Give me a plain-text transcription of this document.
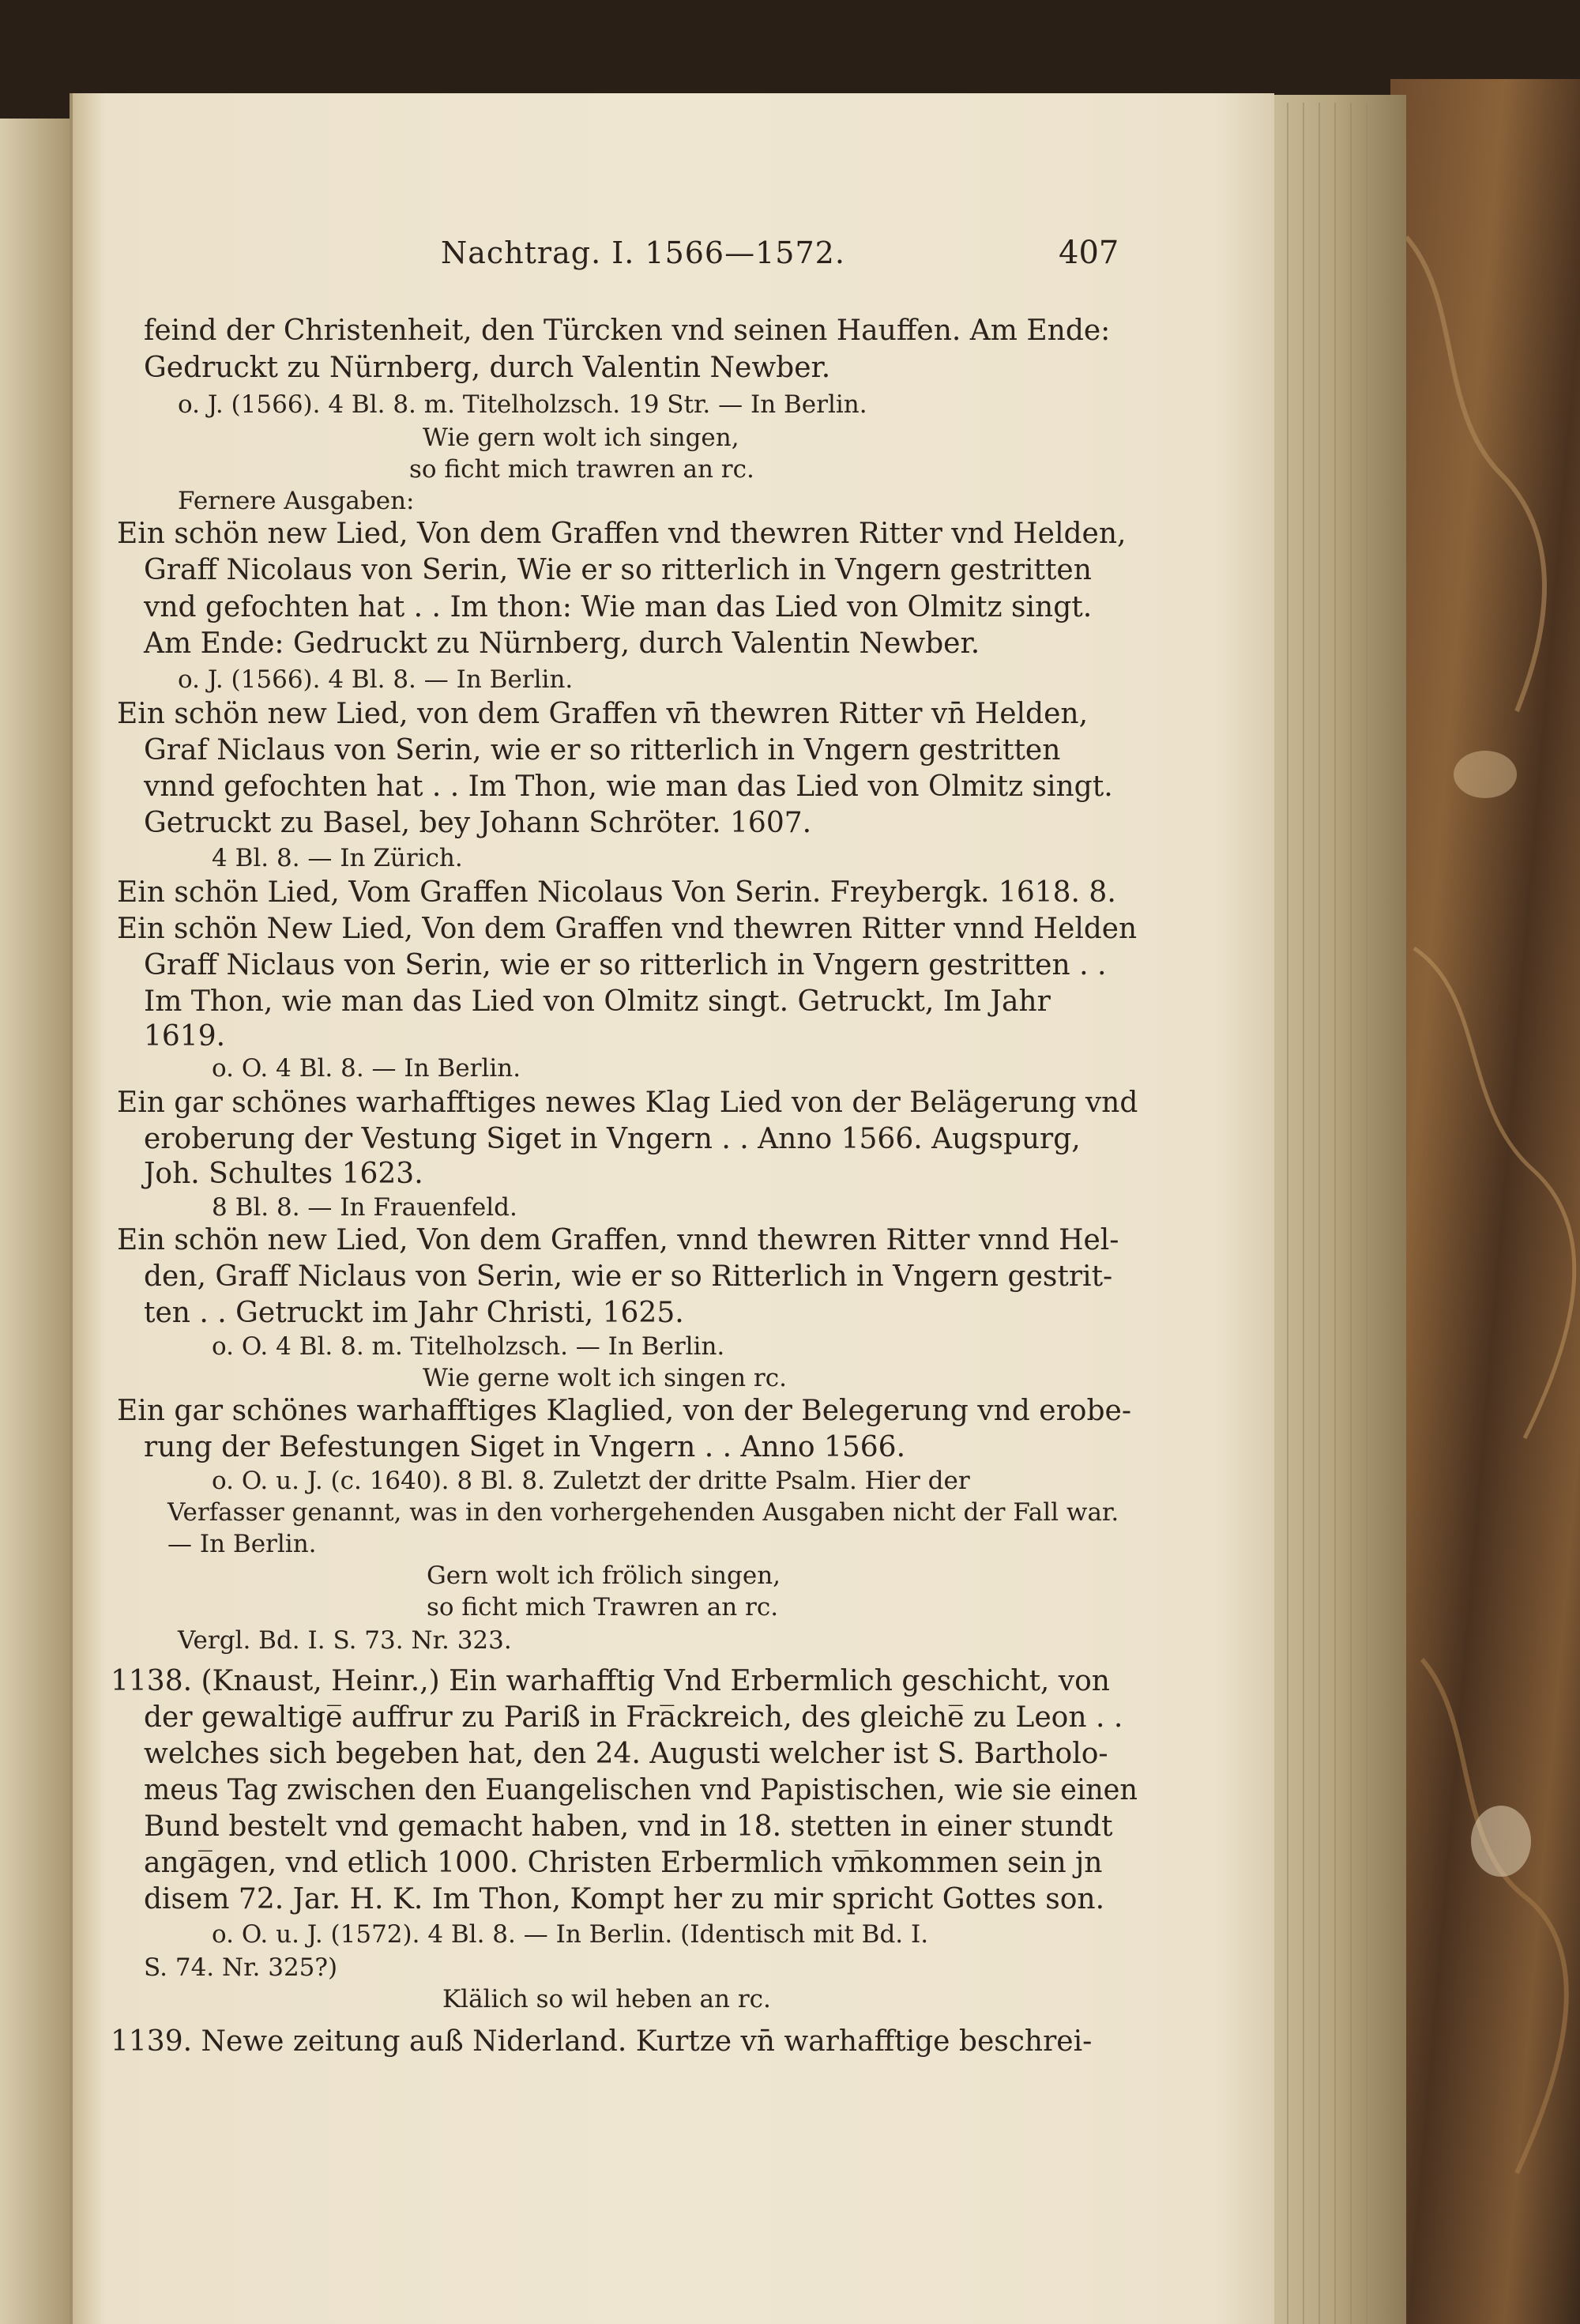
Nachtrag. I. 1566—1572.	407
feind der Christenheit, den Türcken vnd seinen Hauffen. Am Ende:
Gedruckt zu Nürnberg, durch Valentin Newber.
o. J. (1566). 4 Bl. 8. m. Titelholzsch. 19 Str. — In Berlin.
Wie gern wolt ich singen,
so ficht mich trawren an rc.
Fernere Ausgaben:
Ein schön new Lied, Von dem Graffen vnd thewren Ritter vnd Helden,
Graff Nicolaus von Serin, Wie er so ritterlich in Vngern gestritten
vnd gefochten hat . . Im thon: Wie man das Lied von Olmitz singt.
Am Ende: Gedruckt zu Nürnberg, durch Valentin Newber.
o. J. (1566). 4 Bl. 8. — In Berlin.
Ein schön new Lied, von dem Graffen vn̄ thewren Ritter vn̄ Helden,
Graf Niclaus von Serin, wie er so ritterlich in Vngern gestritten
vnnd gefochten hat . . Im Thon, wie man das Lied von Olmitz singt.
Getruckt zu Basel, bey Johann Schröter. 1607.
4 Bl. 8. — In Zürich.
Ein schön Lied, Vom Graffen Nicolaus Von Serin. Freybergk. 1618. 8.
Ein schön New Lied, Von dem Graffen vnd thewren Ritter vnnd Helden
Graff Niclaus von Serin, wie er so ritterlich in Vngern gestritten . .
Im Thon, wie man das Lied von Olmitz singt. Getruckt, Im Jahr
1619.
o. O. 4 Bl. 8. — In Berlin.
Ein gar schönes warhafftiges newes Klag Lied von der Belägerung vnd
eroberung der Vestung Siget in Vngern . . Anno 1566. Augspurg,
Joh. Schultes 1623.
8 Bl. 8. — In Frauenfeld.
Ein schön new Lied, Von dem Graffen, vnnd thewren Ritter vnnd Hel-
den, Graff Niclaus von Serin, wie er so Ritterlich in Vngern gestrit-
ten . . Getruckt im Jahr Christi, 1625.
o. O. 4 Bl. 8. m. Titelholzsch. — In Berlin.
Wie gerne wolt ich singen rc.
Ein gar schönes warhafftiges Klaglied, von der Belegerung vnd erobe-
rung der Befestungen Siget in Vngern . . Anno 1566.
o. O. u. J. (c. 1640). 8 Bl. 8. Zuletzt der dritte Psalm. Hier der
Verfasser genannt, was in den vorhergehenden Ausgaben nicht der Fall war.
— In Berlin.
Gern wolt ich frölich singen,
so ficht mich Trawren an rc.
Vergl. Bd. I. S. 73. Nr. 323.
1138. (Knaust, Heinr.,) Ein warhafftig Vnd Erbermlich geschicht, von
der gewaltige̅ auffrur zu Pariß in Fra̅ckreich, des gleiche̅ zu Leon . .
welches sich begeben hat, den 24. Augusti welcher ist S. Bartholo-
meus Tag zwischen den Euangelischen vnd Papistischen, wie sie einen
Bund bestelt vnd gemacht haben, vnd in 18. stetten in einer stundt
anga̅gen, vnd etlich 1000. Christen Erbermlich vm̅kommen sein jn
disem 72. Jar. H. K. Im Thon, Kompt her zu mir spricht Gottes son.
o. O. u. J. (1572). 4 Bl. 8. — In Berlin. (Identisch mit Bd. I.
S. 74. Nr. 325?)
Klälich so wil heben an rc.
1139. Newe zeitung auß Niderland. Kurtze vn̄ warhafftige beschrei-
